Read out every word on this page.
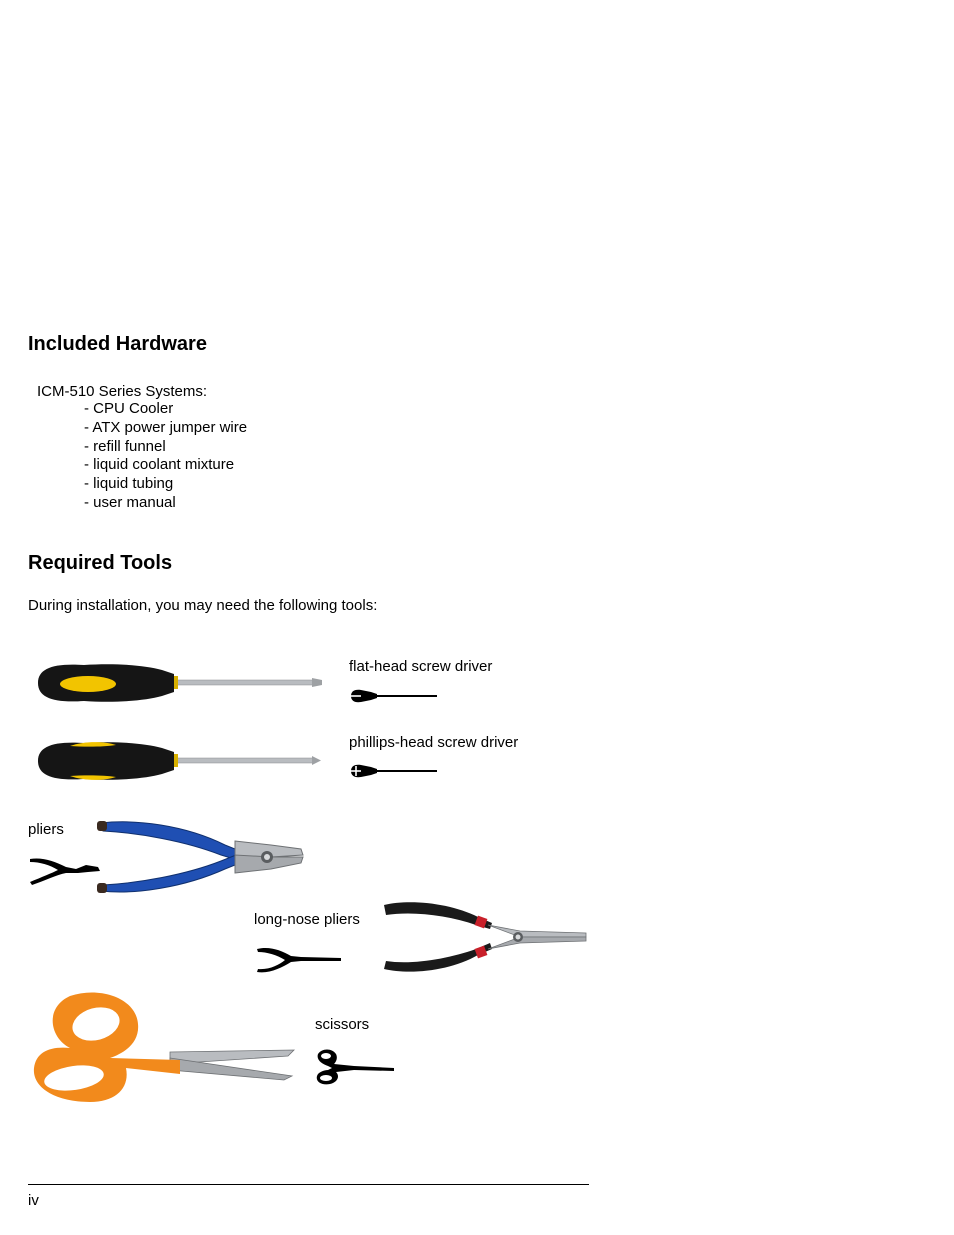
Included Hardware
ICM-510 Series Systems:
- CPU Cooler
- ATX power jumper wire
- refill funnel
- liquid coolant mixture
- liquid tubing
- user manual
Required Tools
During installation, you may need the following tools:
flat-head screw driver
phillips-head screw driver
pliers
long-nose pliers
scissors
iv
